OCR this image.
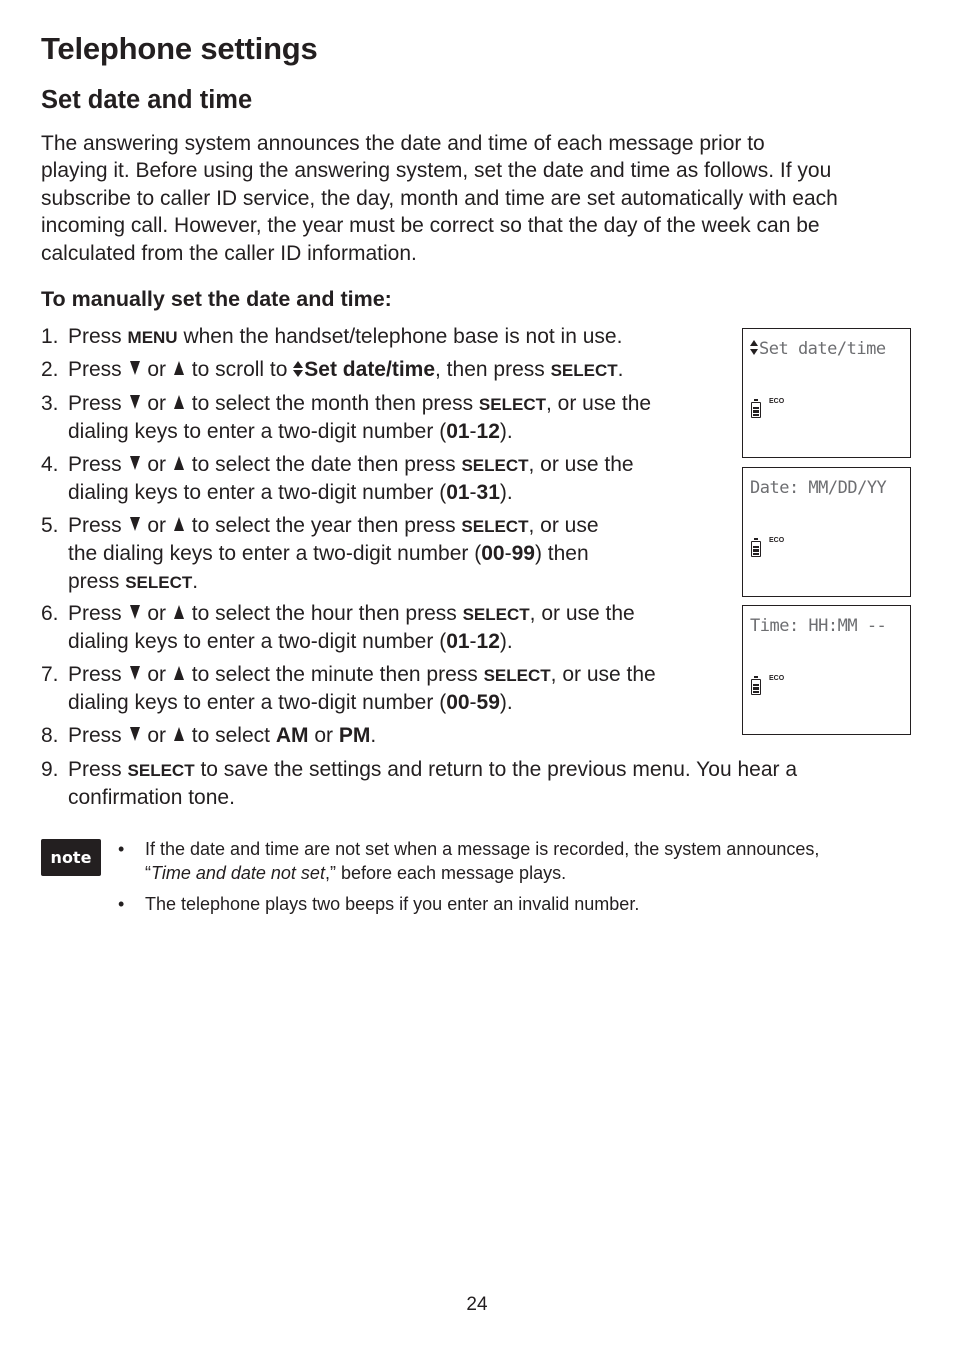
Telephone settings
Set date and time
The answering system announces the date and time of each message prior to
playing it. Before using the answering system, set the date and time as follows. If you
subscribe to caller ID service, the day, month and time are set automatically with each
incoming call. However, the year must be correct so that the day of the week can be
calculated from the caller ID information.
To manually set the date and time:
1. Press MENU when the handset/telephone base is not in use.
2. Press or to scroll to Set date/time, then press SELECT.
3. Press or to select the month then press SELECT, or use the
dialing keys to enter a two-digit number (01-12).
4. Press or to select the date then press SELECT, or use the
dialing keys to enter a two-digit number (01-31).
5. Press or to select the year then press SELECT, or use
the dialing keys to enter a two-digit number (00-99) then
press SELECT.
6. Press or to select the hour then press SELECT, or use the
dialing keys to enter a two-digit number (01-12).
7. Press or to select the minute then press SELECT, or use the
dialing keys to enter a two-digit number (00-59).
8. Press or to select AM or PM.
9. Press SELECT to save the settings and return to the previous menu. You hear a
confirmation tone.
Set date/time
ECO
Date: MM/DD/YY
ECO
Time: HH:MM --
ECO
note	• If the date and time are not set when a message is recorded, the system announces,
“Time and date not set,” before each message plays.
• The telephone plays two beeps if you enter an invalid number.
24
